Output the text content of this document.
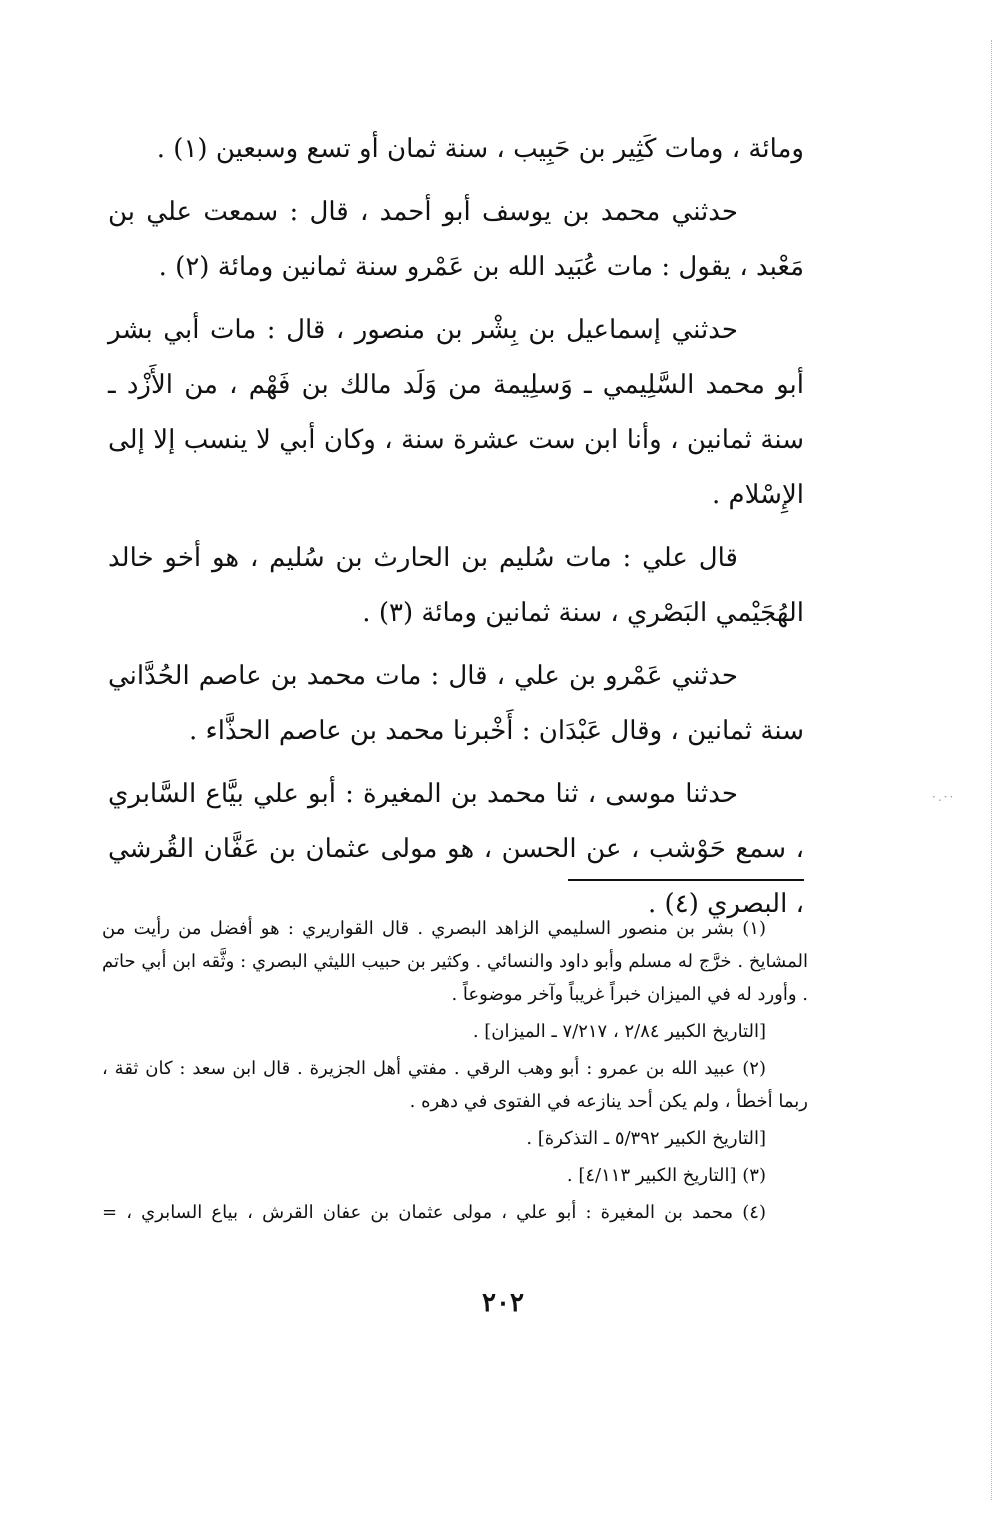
ومائة ، ومات كَثِير بن حَبِيب ، سنة ثمان أو تسع وسبعين (١) .

حدثني محمد بن يوسف أبو أحمد ، قال : سمعت علي بن مَعْبد ، يقول : مات عُبَيد الله بن عَمْرو سنة ثمانين ومائة (٢) .

حدثني إسماعيل بن بِشْر بن منصور ، قال : مات أبي بشر أبو محمد السَّلِيمي ـ وَسلِيمة من وَلَد مالك بن فَهْم ، من الأَزْد ـ سنة ثمانين ، وأنا ابن ست عشرة سنة ، وكان أبي لا ينسب إلا إلى الإِسْلام .

قال علي : مات سُليم بن الحارث بن سُليم ، هو أخو خالد الهُجَيْمي البَصْري ، سنة ثمانين ومائة (٣) .

حدثني عَمْرو بن علي ، قال : مات محمد بن عاصم الحُدَّاني سنة ثمانين ، وقال عَبْدَان : أَخْبرنا محمد بن عاصم الحذَّاء .

حدثنا موسى ، ثنا محمد بن المغيرة : أبو علي بيَّاع السَّابري ، سمع حَوْشب ، عن الحسن ، هو مولى عثمان بن عَفَّان القُرشي ، البصري (٤) .

(١) بشر بن منصور السليمي الزاهد البصري . قال القواريري : هو أفضل من رأيت من المشايخ . خرَّج له مسلم وأبو داود والنسائي . وكثير بن حبيب الليثي البصري : وثَّقه ابن أبي حاتم . وأورد له في الميزان خبراً غريباً وآخر موضوعاً .

[التاريخ الكبير ٢/٨٤ ، ٧/٢١٧ ـ الميزان] .

(٢) عبيد الله بن عمرو : أبو وهب الرقي . مفتي أهل الجزيرة . قال ابن سعد : كان ثقة ، ربما أخطأ ، ولم يكن أحد ينازعه في الفتوى في دهره .

[التاريخ الكبير ٥/٣٩٢ ـ التذكرة] .

(٣) [التاريخ الكبير ٤/١١٣] .

(٤) محمد بن المغيرة : أبو علي ، مولى عثمان بن عفان القرش ، بياع السابري ، =

٢٠٢
·.··
